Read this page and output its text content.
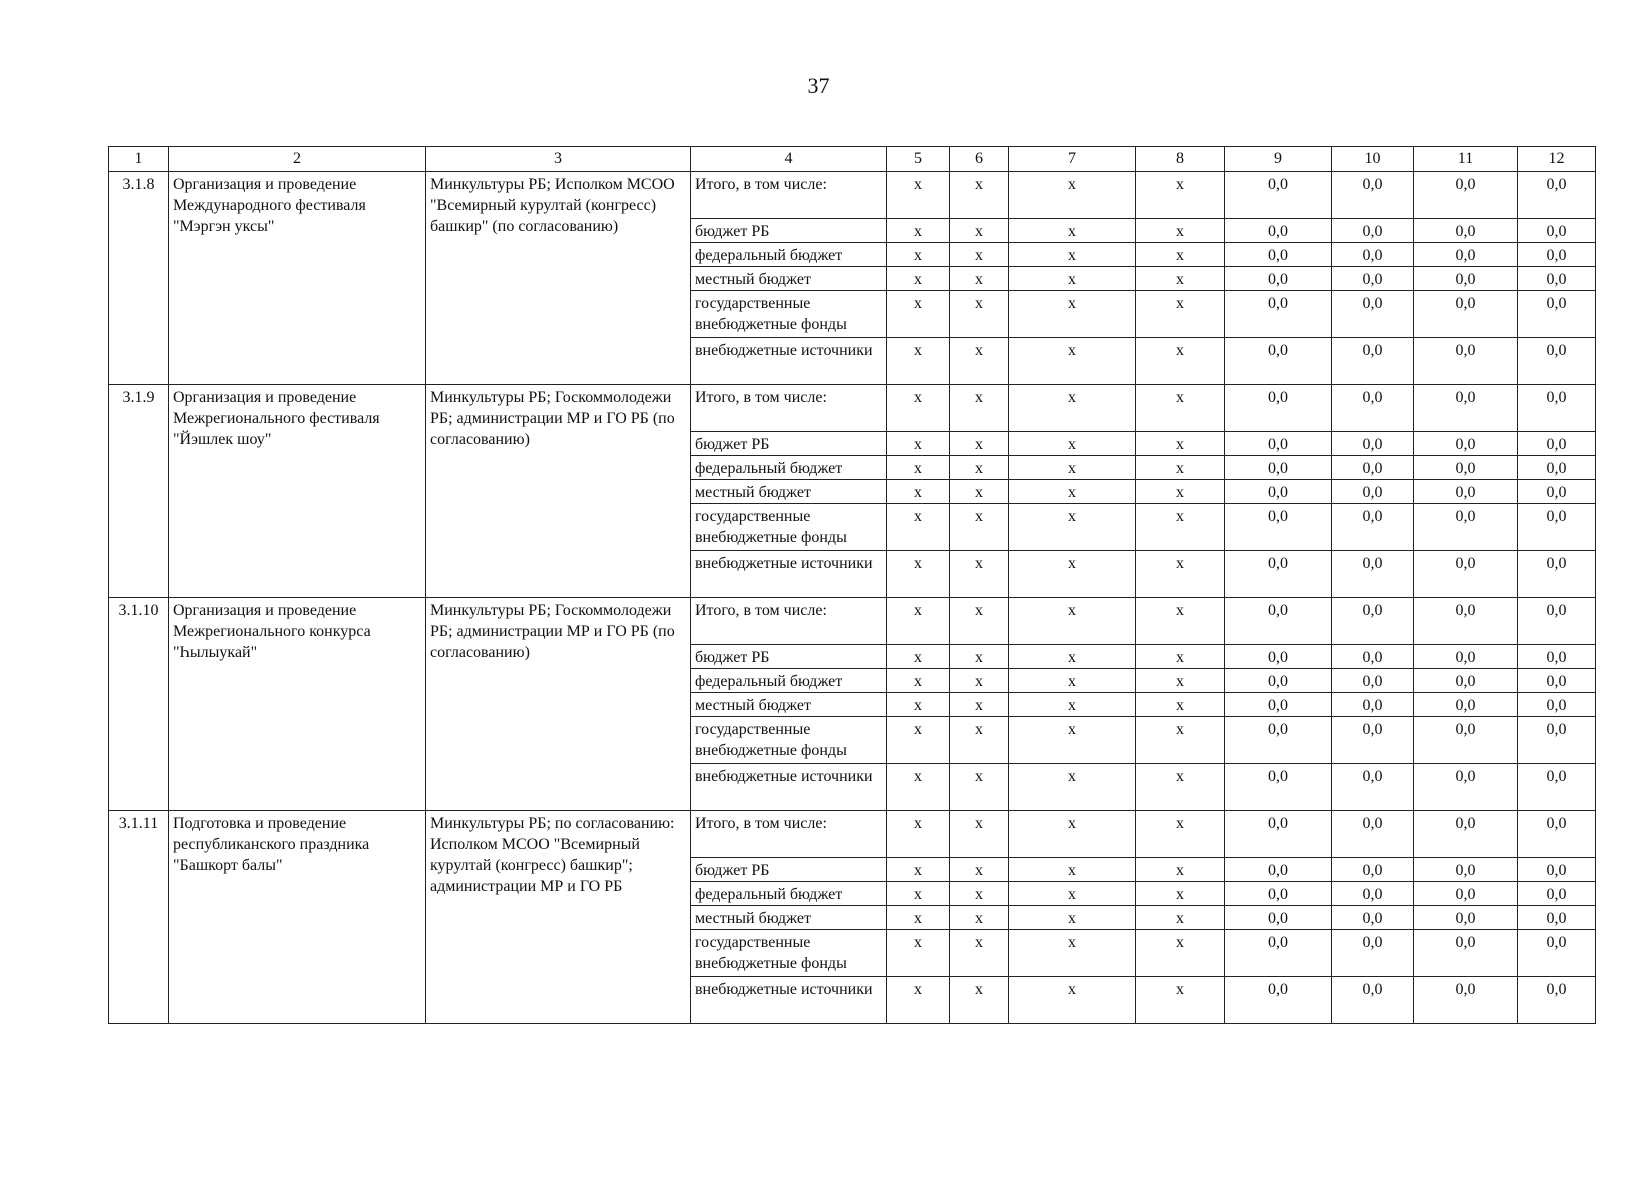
37
1	2	3	4	5	6	7	8	9	10	11	12
3.1.8	Организация и проведение Международного фестиваля "Мэргэн уксы"	Минкультуры РБ; Исполком МСОО "Всемирный курултай (конгресс) башкир" (по согласованию)	Итого, в том числе:	x	x	x	x	0,0	0,0	0,0	0,0
			бюджет РБ	x	x	x	x	0,0	0,0	0,0	0,0
			федеральный бюджет	x	x	x	x	0,0	0,0	0,0	0,0
			местный бюджет	x	x	x	x	0,0	0,0	0,0	0,0
			государственные внебюджетные фонды	x	x	x	x	0,0	0,0	0,0	0,0
			внебюджетные источники	x	x	x	x	0,0	0,0	0,0	0,0
3.1.9	Организация и проведение Межрегионального фестиваля "Йэшлек шоу"	Минкультуры РБ; Госкоммолодежи РБ; администрации МР и ГО РБ (по согласованию)	Итого, в том числе:	x	x	x	x	0,0	0,0	0,0	0,0
			бюджет РБ	x	x	x	x	0,0	0,0	0,0	0,0
			федеральный бюджет	x	x	x	x	0,0	0,0	0,0	0,0
			местный бюджет	x	x	x	x	0,0	0,0	0,0	0,0
			государственные внебюджетные фонды	x	x	x	x	0,0	0,0	0,0	0,0
			внебюджетные источники	x	x	x	x	0,0	0,0	0,0	0,0
3.1.10	Организация и проведение Межрегионального конкурса "Һылыукай"	Минкультуры РБ; Госкоммолодежи РБ; администрации МР и ГО РБ (по согласованию)	Итого, в том числе:	x	x	x	x	0,0	0,0	0,0	0,0
			бюджет РБ	x	x	x	x	0,0	0,0	0,0	0,0
			федеральный бюджет	x	x	x	x	0,0	0,0	0,0	0,0
			местный бюджет	x	x	x	x	0,0	0,0	0,0	0,0
			государственные внебюджетные фонды	x	x	x	x	0,0	0,0	0,0	0,0
			внебюджетные источники	x	x	x	x	0,0	0,0	0,0	0,0
3.1.11	Подготовка и проведение республиканского праздника "Башкорт балы"	Минкультуры РБ; по согласованию: Исполком МСОО "Всемирный курултай (конгресс) башкир"; администрации МР и ГО РБ	Итого, в том числе:	x	x	x	x	0,0	0,0	0,0	0,0
			бюджет РБ	x	x	x	x	0,0	0,0	0,0	0,0
			федеральный бюджет	x	x	x	x	0,0	0,0	0,0	0,0
			местный бюджет	x	x	x	x	0,0	0,0	0,0	0,0
			государственные внебюджетные фонды	x	x	x	x	0,0	0,0	0,0	0,0
			внебюджетные источники	x	x	x	x	0,0	0,0	0,0	0,0
